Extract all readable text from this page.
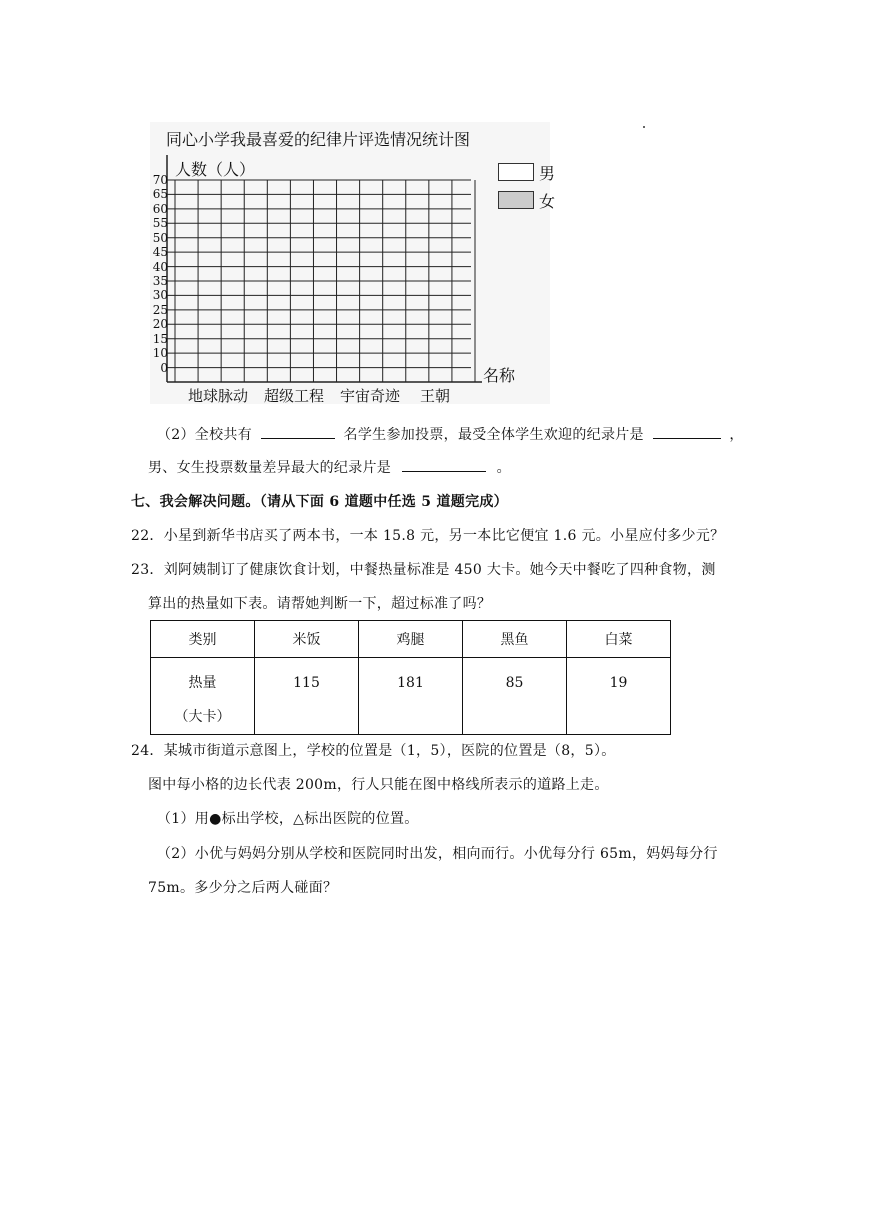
同心小学我最喜爱的纪律片评选情况统计图
人数（人）
70
65
60
55
50
45
40
35
30
25
20
15
10
0
男
女
名称
地球脉动 超级工程 宇宙奇迹 王朝
（2）全校共有	名学生参加投票，最受全体学生欢迎的纪录片是	，
男、女生投票数量差异最大的纪录片是	。
七、我会解决问题。（请从下面 6 道题中任选 5 道题完成）
22．小星到新华书店买了两本书，一本 15.8 元，另一本比它便宜 1.6 元。小星应付多少元？
23．刘阿姨制订了健康饮食计划，中餐热量标准是 450 大卡。她今天中餐吃了四种食物，测
算出的热量如下表。请帮她判断一下，超过标准了吗？
类别	米饭	鸡腿	黑鱼	白菜

热量
（大卡）	115	181	85	19
24．某城市街道示意图上，学校的位置是（1，5），医院的位置是（8，5）。
图中每小格的边长代表 200m，行人只能在图中格线所表示的道路上走。
（1）用●标出学校，△标出医院的位置。
（2）小优与妈妈分别从学校和医院同时出发，相向而行。小优每分行 65m，妈妈每分行
75m。多少分之后两人碰面？
